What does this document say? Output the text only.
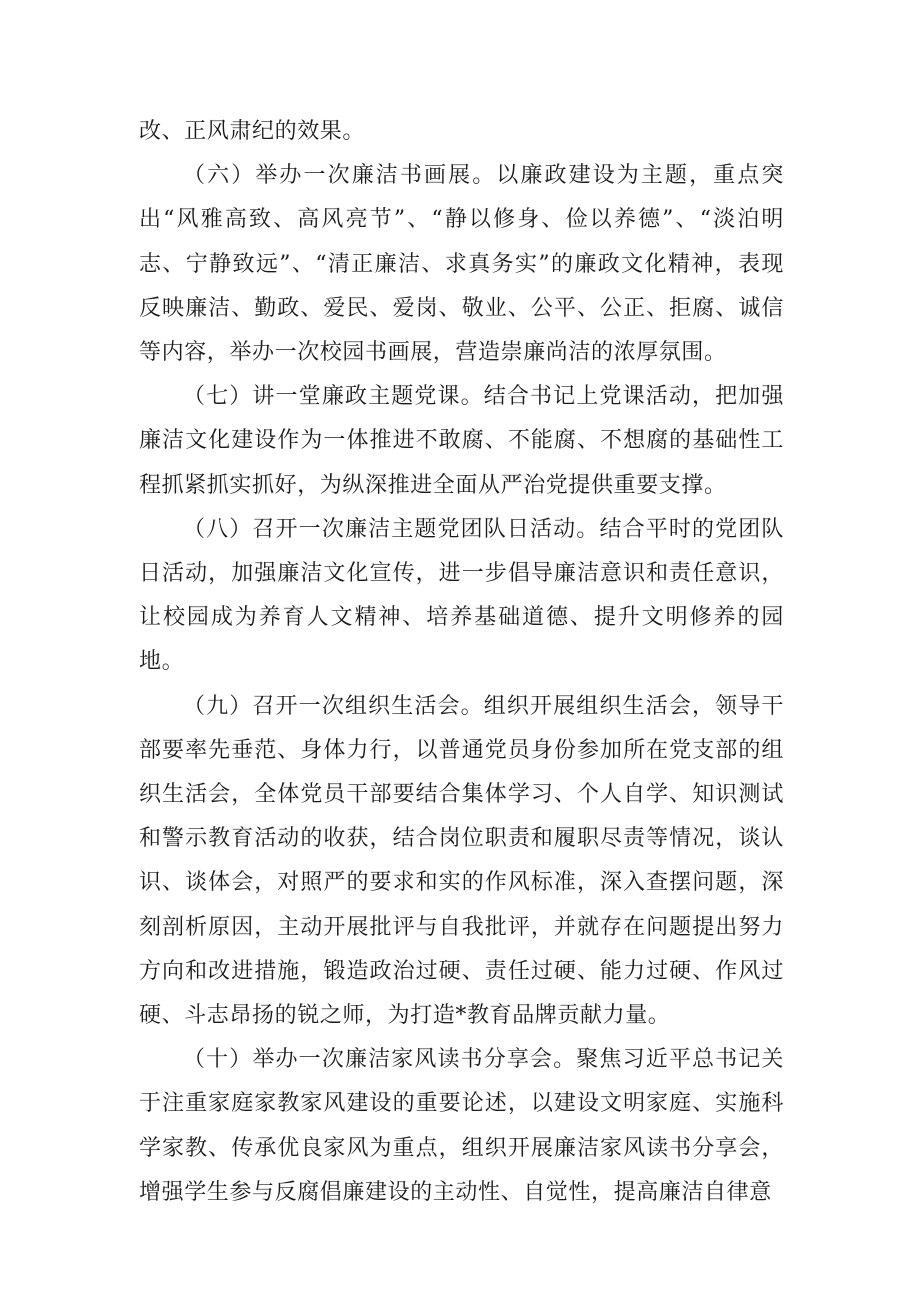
改、正风肃纪的效果。

（六）举办一次廉洁书画展。以廉政建设为主题，重点突出“风雅高致、高风亮节”、“静以修身、俭以养德”、“淡泊明志、宁静致远”、“清正廉洁、求真务实”的廉政文化精神，表现反映廉洁、勤政、爱民、爱岗、敬业、公平、公正、拒腐、诚信等内容，举办一次校园书画展，营造崇廉尚洁的浓厚氛围。

（七）讲一堂廉政主题党课。结合书记上党课活动，把加强廉洁文化建设作为一体推进不敢腐、不能腐、不想腐的基础性工程抓紧抓实抓好，为纵深推进全面从严治党提供重要支撑。

（八）召开一次廉洁主题党团队日活动。结合平时的党团队日活动，加强廉洁文化宣传，进一步倡导廉洁意识和责任意识，让校园成为养育人文精神、培养基础道德、提升文明修养的园地。

（九）召开一次组织生活会。组织开展组织生活会，领导干部要率先垂范、身体力行，以普通党员身份参加所在党支部的组织生活会，全体党员干部要结合集体学习、个人自学、知识测试和警示教育活动的收获，结合岗位职责和履职尽责等情况，谈认识、谈体会，对照严的要求和实的作风标准，深入查摆问题，深刻剖析原因，主动开展批评与自我批评，并就存在问题提出努力方向和改进措施，锻造政治过硬、责任过硬、能力过硬、作风过硬、斗志昂扬的锐之师，为打造*教育品牌贡献力量。

（十）举办一次廉洁家风读书分享会。聚焦习近平总书记关于注重家庭家教家风建设的重要论述，以建设文明家庭、实施科学家教、传承优良家风为重点，组织开展廉洁家风读书分享会，增强学生参与反腐倡廉建设的主动性、自觉性，提高廉洁自律意
